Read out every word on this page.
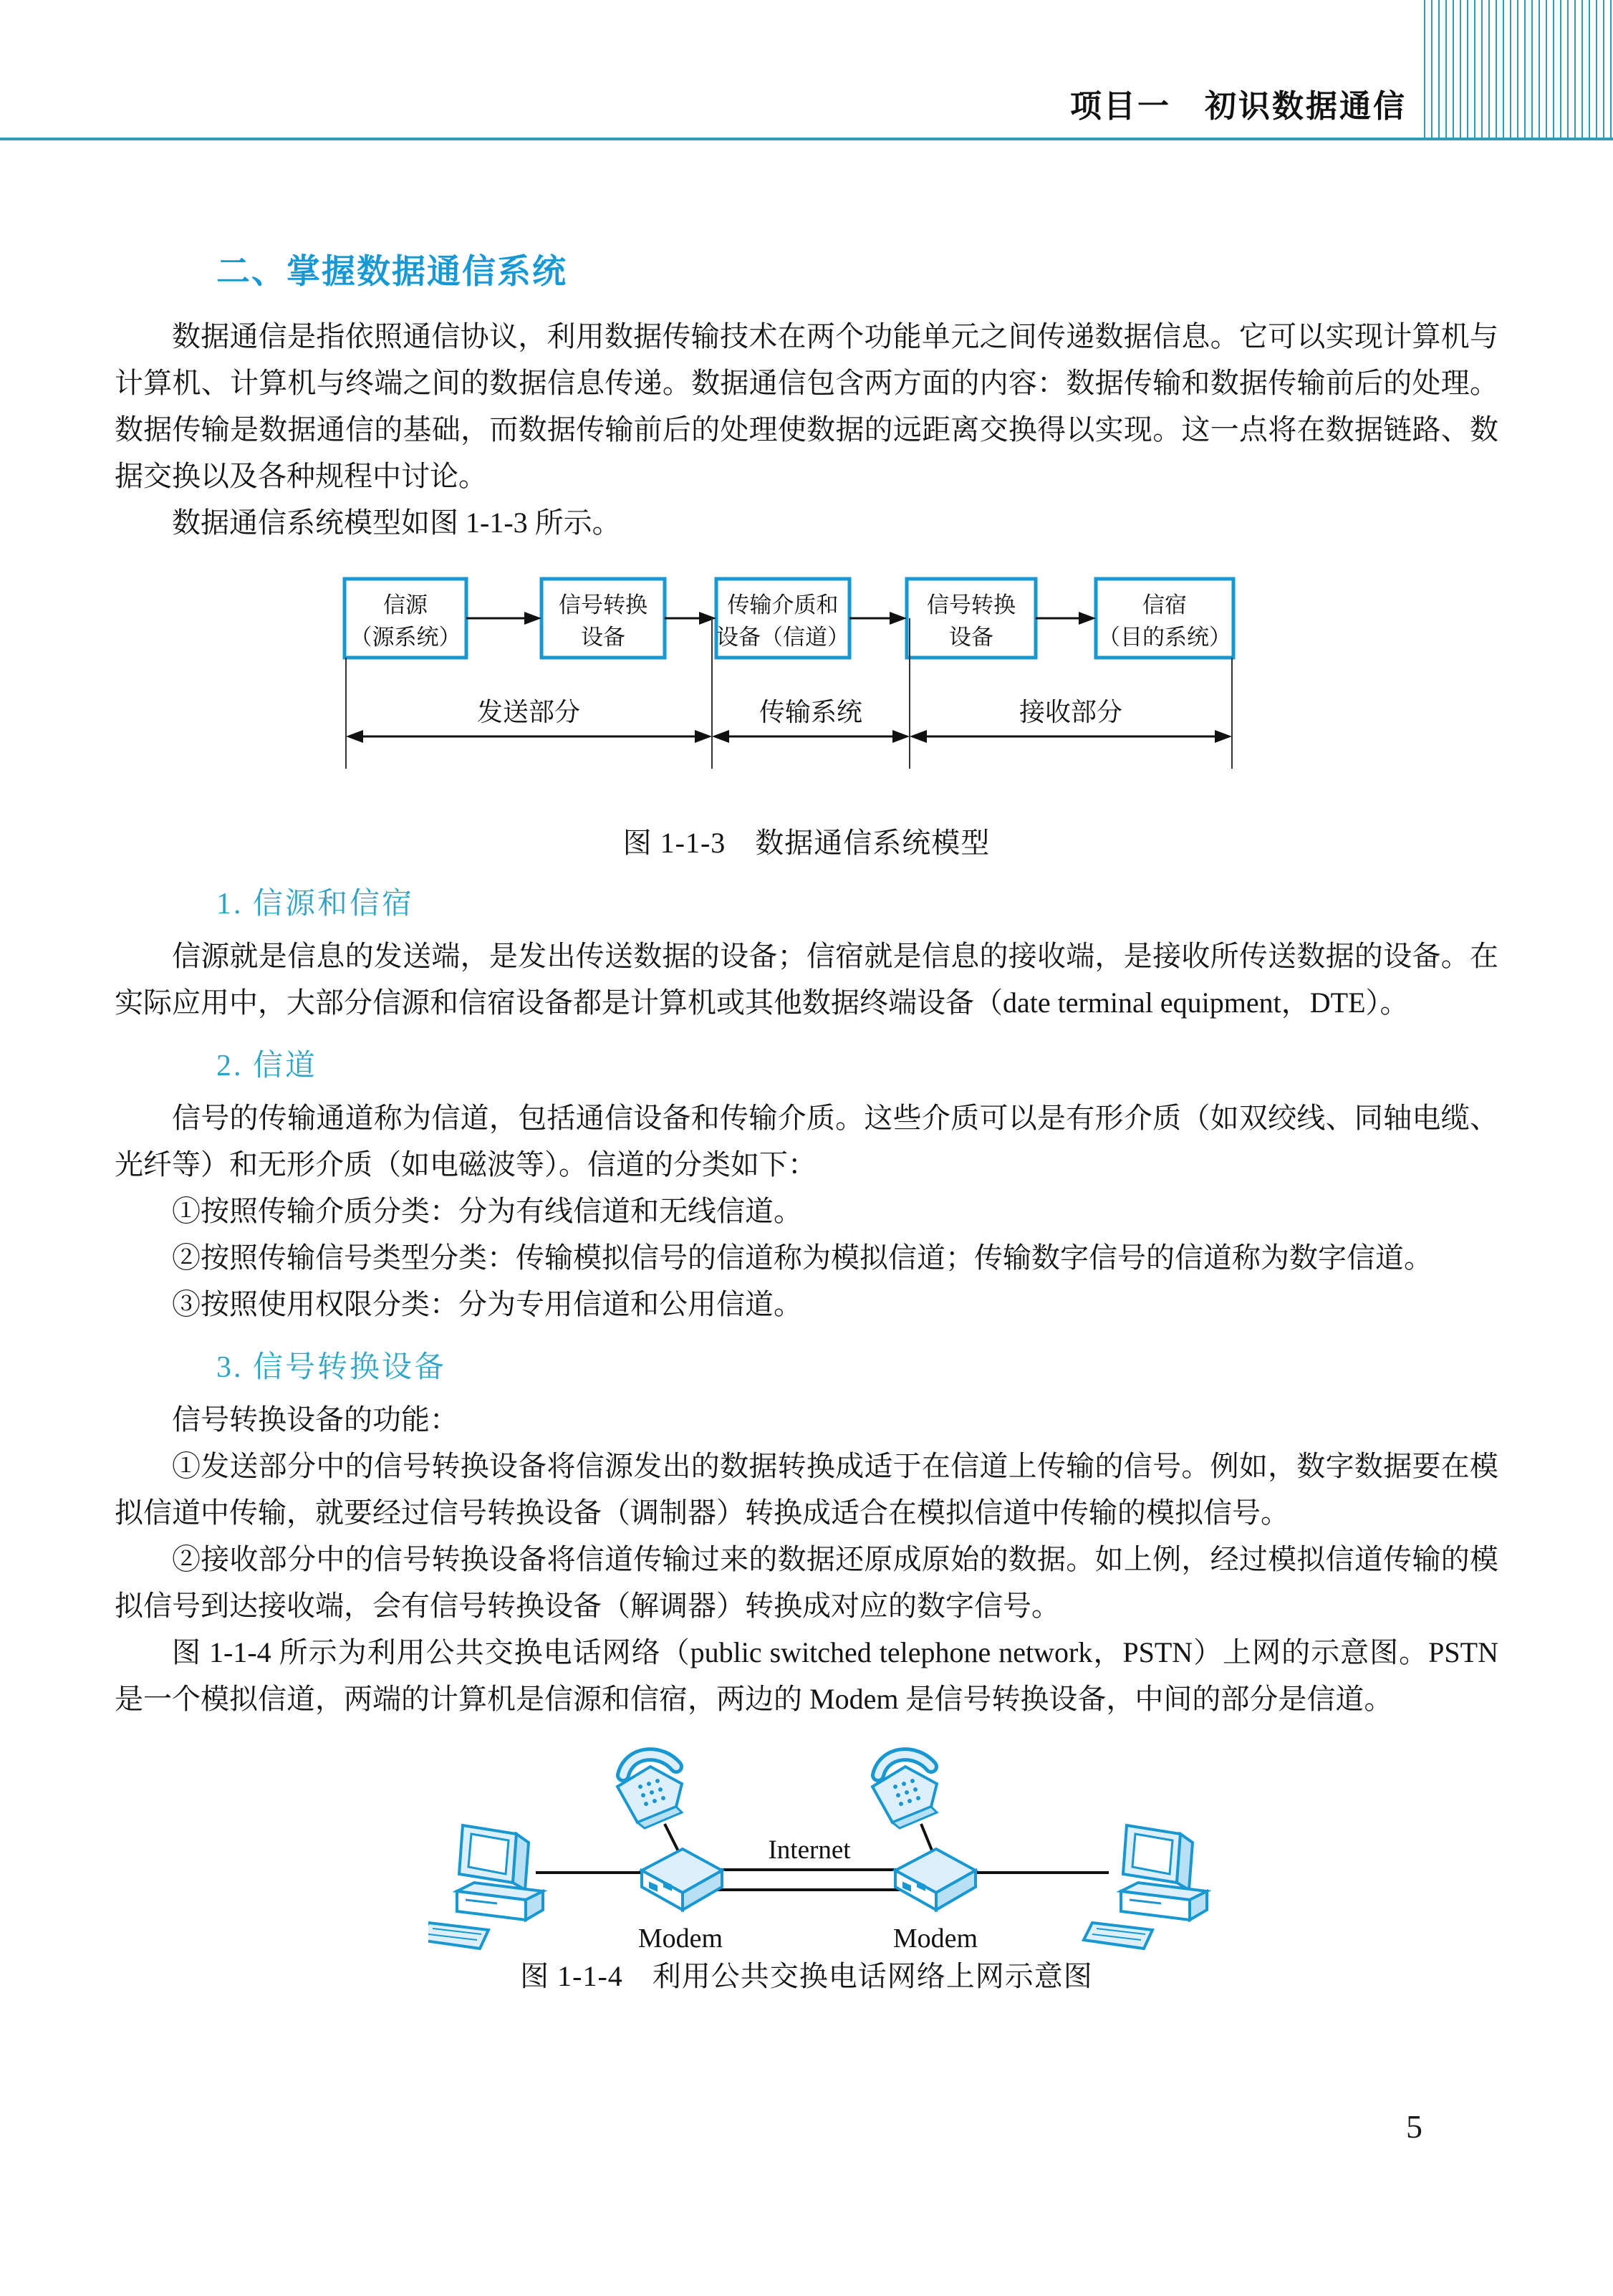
项目一　初识数据通信
二、掌握数据通信系统

数据通信是指依照通信协议，利用数据传输技术在两个功能单元之间传递数据信息。它可以实现计算机与计算机、计算机与终端之间的数据信息传递。数据通信包含两方面的内容：数据传输和数据传输前后的处理。数据传输是数据通信的基础，而数据传输前后的处理使数据的远距离交换得以实现。这一点将在数据链路、数据交换以及各种规程中讨论。

数据通信系统模型如图 1-1-3 所示。

信源
（源系统）
信号转换
设备
传输介质和
设备（信道）
信号转换
设备
信宿
（目的系统）
发送部分	传输系统	接收部分
图 1-1-3　数据通信系统模型
1. 信源和信宿

信源就是信息的发送端，是发出传送数据的设备；信宿就是信息的接收端，是接收所传送数据的设备。在实际应用中，大部分信源和信宿设备都是计算机或其他数据终端设备（date terminal equipment，DTE）。

2. 信道

信号的传输通道称为信道，包括通信设备和传输介质。这些介质可以是有形介质（如双绞线、同轴电缆、光纤等）和无形介质（如电磁波等）。信道的分类如下：

①按照传输介质分类：分为有线信道和无线信道。

②按照传输信号类型分类：传输模拟信号的信道称为模拟信道；传输数字信号的信道称为数字信道。

③按照使用权限分类：分为专用信道和公用信道。

3. 信号转换设备

信号转换设备的功能：

①发送部分中的信号转换设备将信源发出的数据转换成适于在信道上传输的信号。例如，数字数据要在模拟信道中传输，就要经过信号转换设备（调制器）转换成适合在模拟信道中传输的模拟信号。

②接收部分中的信号转换设备将信道传输过来的数据还原成原始的数据。如上例，经过模拟信道传输的模拟信号到达接收端，会有信号转换设备（解调器）转换成对应的数字信号。

图 1-1-4 所示为利用公共交换电话网络（public switched telephone network，PSTN）上网的示意图。PSTN 是一个模拟信道，两端的计算机是信源和信宿，两边的 Modem 是信号转换设备，中间的部分是信道。

Internet
Modem	Modem
图 1-1-4　利用公共交换电话网络上网示意图
5
